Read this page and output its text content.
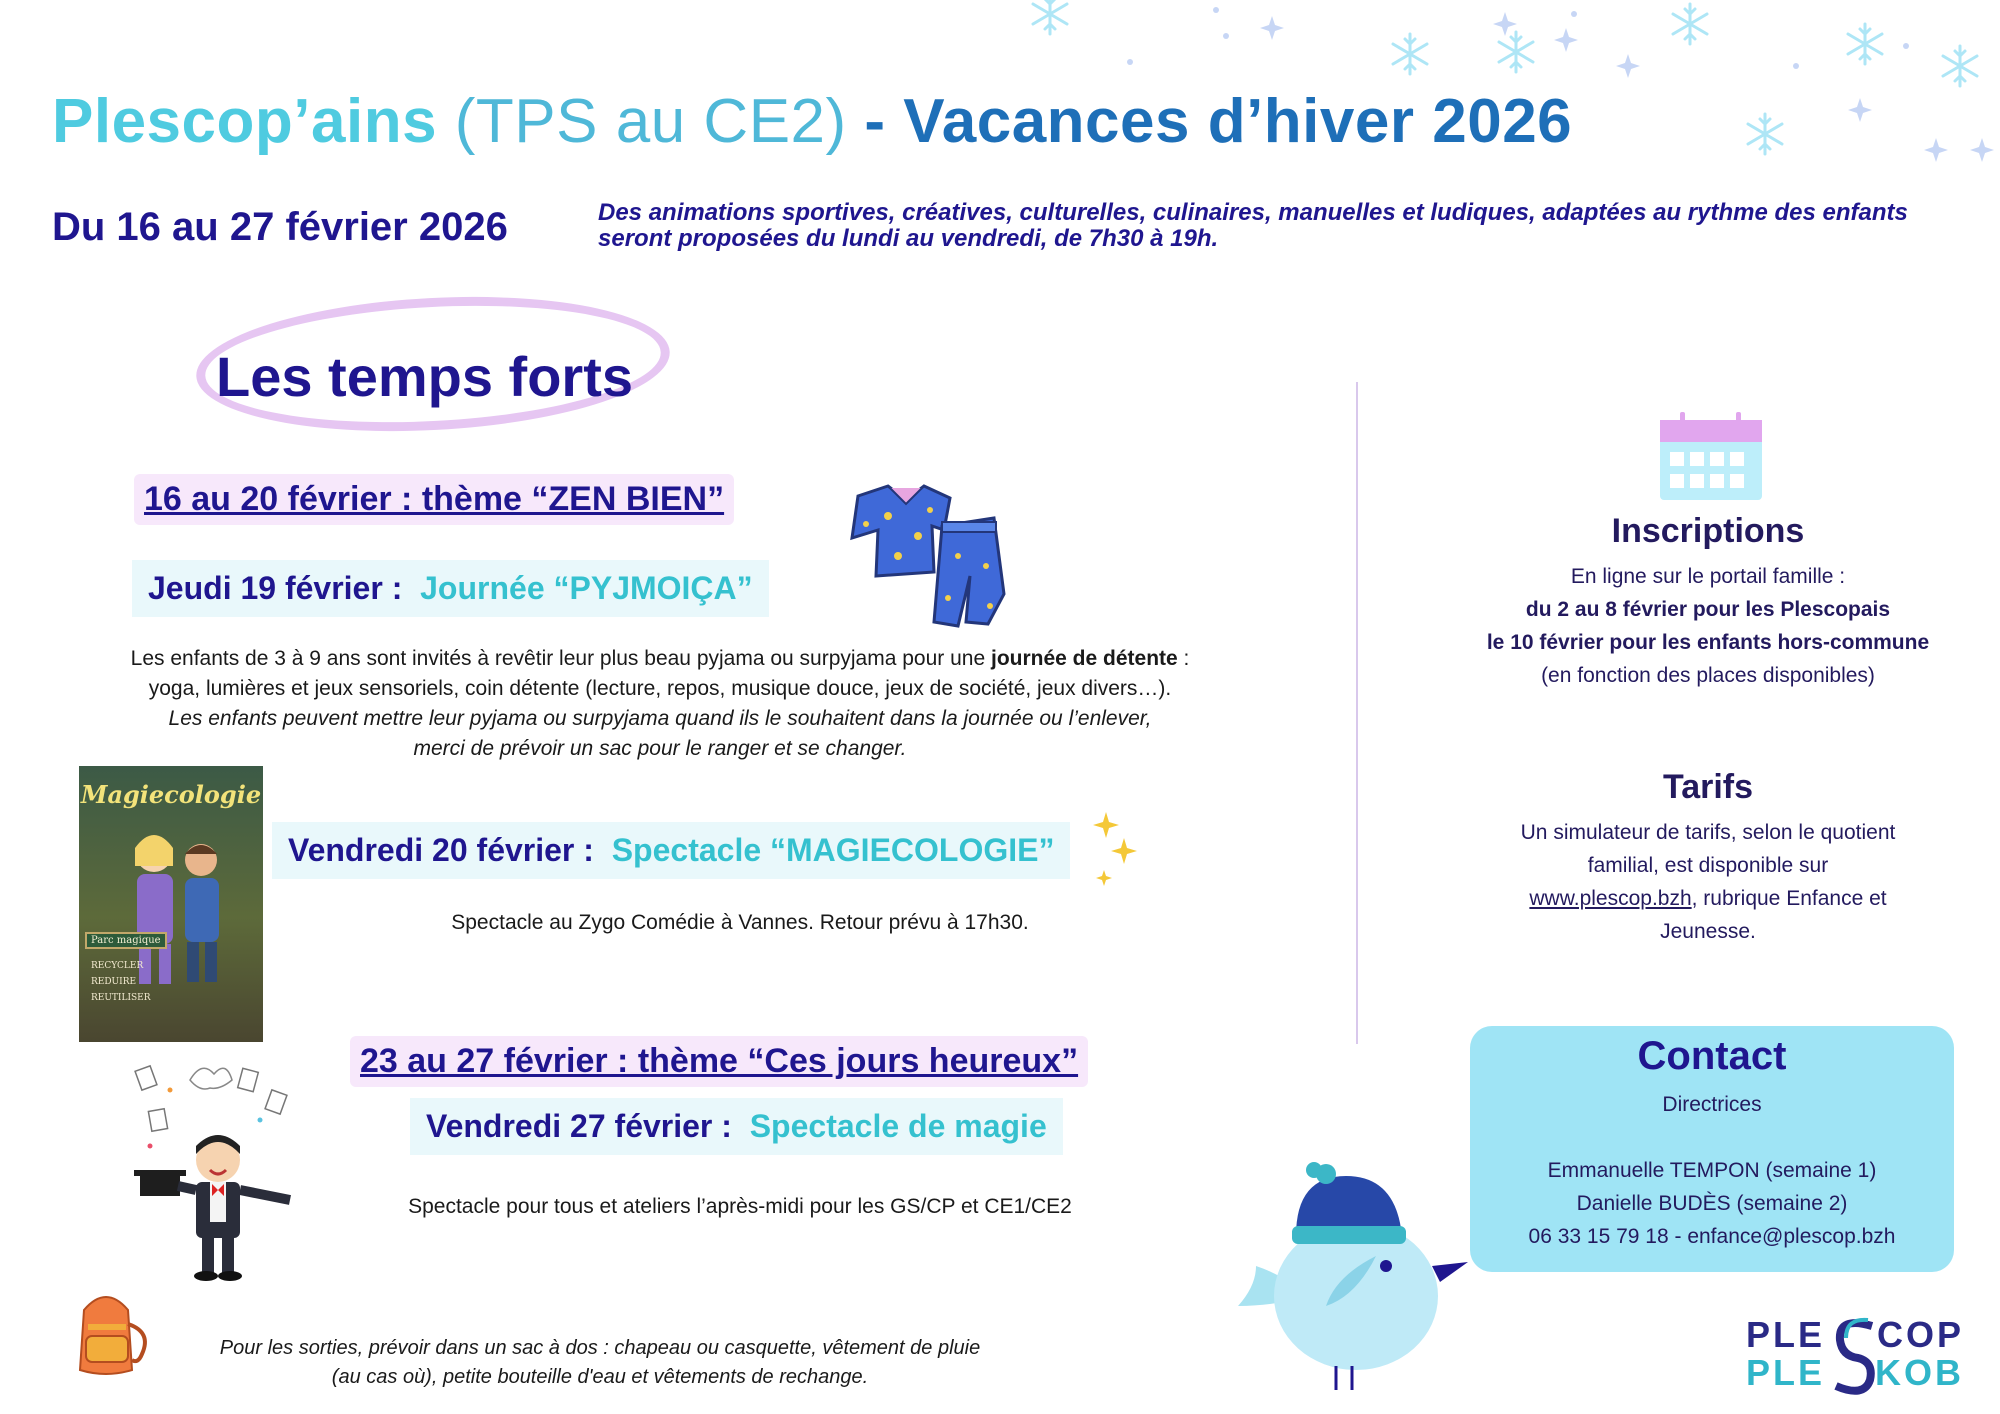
Plescop’ains (TPS au CE2) - Vacances d’hiver 2026
Du 16 au 27 février 2026	Des animations sportives, créatives, culturelles, culinaires, manuelles et ludiques, adaptées au rythme des enfants seront proposées du lundi au vendredi, de 7h30 à 19h.
Les temps forts
16 au 20 février : thème “ZEN BIEN”
Jeudi 19 février : Journée “PYJMOIÇA”
Les enfants de 3 à 9 ans sont invités à revêtir leur plus beau pyjama ou surpyjama pour une journée de détente :
yoga, lumières et jeux sensoriels, coin détente (lecture, repos, musique douce, jeux de société, jeux divers…).
Les enfants peuvent mettre leur pyjama ou surpyjama quand ils le souhaitent dans la journée ou l’enlever,
merci de prévoir un sac pour le ranger et se changer.
Magiecologie
Parc magique
RECYCLER
REDUIRE
REUTILISER
Vendredi 20 février : Spectacle “MAGIECOLOGIE”
Spectacle au Zygo Comédie à Vannes. Retour prévu à 17h30.
23 au 27 février : thème “Ces jours heureux”
Vendredi 27 février : Spectacle de magie
Spectacle pour tous et ateliers l’après-midi pour les GS/CP et CE1/CE2
Pour les sorties, prévoir dans un sac à dos : chapeau ou casquette, vêtement de pluie
(au cas où), petite bouteille d'eau et vêtements de rechange.
Inscriptions
En ligne sur le portail famille :
du 2 au 8 février pour les Plescopais
le 10 février pour les enfants hors-commune
(en fonction des places disponibles)
Tarifs
Un simulateur de tarifs, selon le quotient
familial, est disponible sur
www.plescop.bzh, rubrique Enfance et
Jeunesse.
Contact
Directrices
Emmanuelle TEMPON (semaine 1)
Danielle BUDÈS (semaine 2)
06 33 15 79 18 - enfance@plescop.bzh
PLE COP
PLE KOB
